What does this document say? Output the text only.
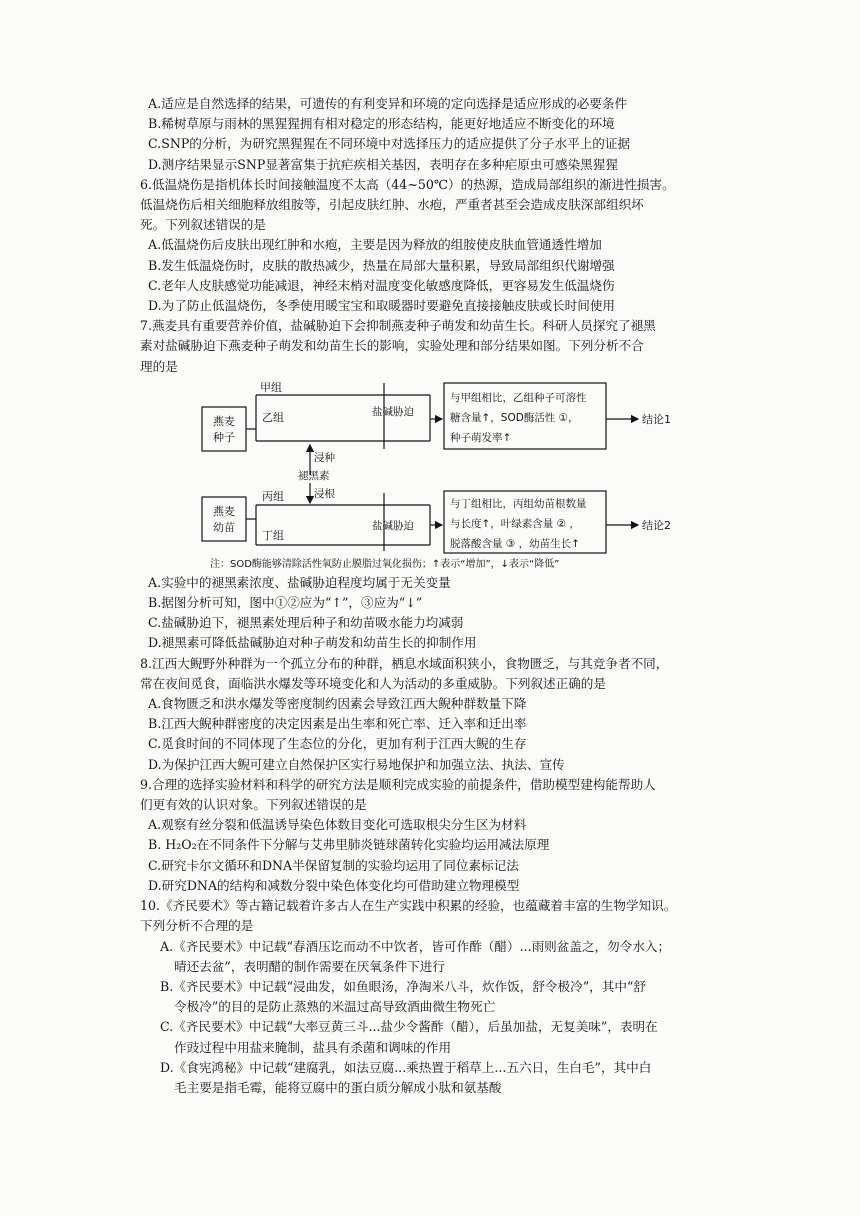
A.适应是自然选择的结果，可遗传的有利变异和环境的定向选择是适应形成的必要条件
B.稀树草原与雨林的黑猩猩拥有相对稳定的形态结构，能更好地适应不断变化的环境
C.SNP的分析，为研究黑猩猩在不同环境中对选择压力的适应提供了分子水平上的证据
D.测序结果显示SNP显著富集于抗疟疾相关基因，表明存在多种疟原虫可感染黑猩猩
6.低温烧伤是指机体长时间接触温度不太高（44~50℃）的热源，造成局部组织的渐进性损害。
低温烧伤后相关细胞释放组胺等，引起皮肤红肿、水疱，严重者甚至会造成皮肤深部组织坏
死。下列叙述错误的是
A.低温烧伤后皮肤出现红肿和水疱，主要是因为释放的组胺使皮肤血管通透性增加
B.发生低温烧伤时，皮肤的散热减少，热量在局部大量积累，导致局部组织代谢增强
C.老年人皮肤感觉功能减退，神经末梢对温度变化敏感度降低，更容易发生低温烧伤
D.为了防止低温烧伤，冬季使用暖宝宝和取暖器时要避免直接接触皮肤或长时间使用
7.燕麦具有重要营养价值，盐碱胁迫下会抑制燕麦种子萌发和幼苗生长。科研人员探究了褪黑
素对盐碱胁迫下燕麦种子萌发和幼苗生长的影响，实验处理和部分结果如图。下列分析不合
理的是
燕麦
种子
甲组
乙组	盐碱胁迫
与甲组相比，乙组种子可溶性
糖含量↑，SOD酶活性 ①，
种子萌发率↑
结论1
浸种
褪黑素
浸根
燕麦
幼苗
丙组
丁组
盐碱胁迫
与丁组相比，丙组幼苗根数量
与长度↑，叶绿素含量 ② ，
脱落酸含量 ③ ，幼苗生长↑
结论2
注：SOD酶能够清除活性氧防止膜脂过氧化损伤；↑表示“增加”，↓表示“降低”
A.实验中的褪黑素浓度、盐碱胁迫程度均属于无关变量
B.据图分析可知，图中①②应为“↑”，③应为“↓”
C.盐碱胁迫下，褪黑素处理后种子和幼苗吸水能力均减弱
D.褪黑素可降低盐碱胁迫对种子萌发和幼苗生长的抑制作用
8.江西大鲵野外种群为一个孤立分布的种群，栖息水域面积狭小，食物匮乏，与其竞争者不同，
常在夜间觅食，面临洪水爆发等环境变化和人为活动的多重威胁。下列叙述正确的是
A.食物匮乏和洪水爆发等密度制约因素会导致江西大鲵种群数量下降
B.江西大鲵种群密度的决定因素是出生率和死亡率、迁入率和迁出率
C.觅食时间的不同体现了生态位的分化，更加有利于江西大鲵的生存
D.为保护江西大鲵可建立自然保护区实行易地保护和加强立法、执法、宣传
9.合理的选择实验材料和科学的研究方法是顺利完成实验的前提条件，借助模型建构能帮助人
们更有效的认识对象。下列叙述错误的是
A.观察有丝分裂和低温诱导染色体数目变化可选取根尖分生区为材料
B. H₂O₂在不同条件下分解与艾弗里肺炎链球菌转化实验均运用减法原理
C.研究卡尔文循环和DNA半保留复制的实验均运用了同位素标记法
D.研究DNA的结构和减数分裂中染色体变化均可借助建立物理模型
10.《齐民要术》等古籍记载着许多古人在生产实践中积累的经验，也蕴藏着丰富的生物学知识。
下列分析不合理的是
A.《齐民要术》中记载“春酒压讫而动不中饮者，皆可作酢（醋）...雨则盆盖之，勿令水入；
晴还去盆”，表明醋的制作需要在厌氧条件下进行
B.《齐民要术》中记载“浸曲发，如鱼眼汤，净淘米八斗，炊作饭，舒令极冷”，其中“舒
令极冷”的目的是防止蒸熟的米温过高导致酒曲微生物死亡
C.《齐民要术》中记载“大率豆黄三斗...盐少令酱酢（醋），后虽加盐，无复美味”，表明在
作豉过程中用盐来腌制，盐具有杀菌和调味的作用
D.《食宪鸿秘》中记载“建腐乳，如法豆腐...乘热置于稻草上...五六日，生白毛”，其中白
毛主要是指毛霉，能将豆腐中的蛋白质分解成小肽和氨基酸
